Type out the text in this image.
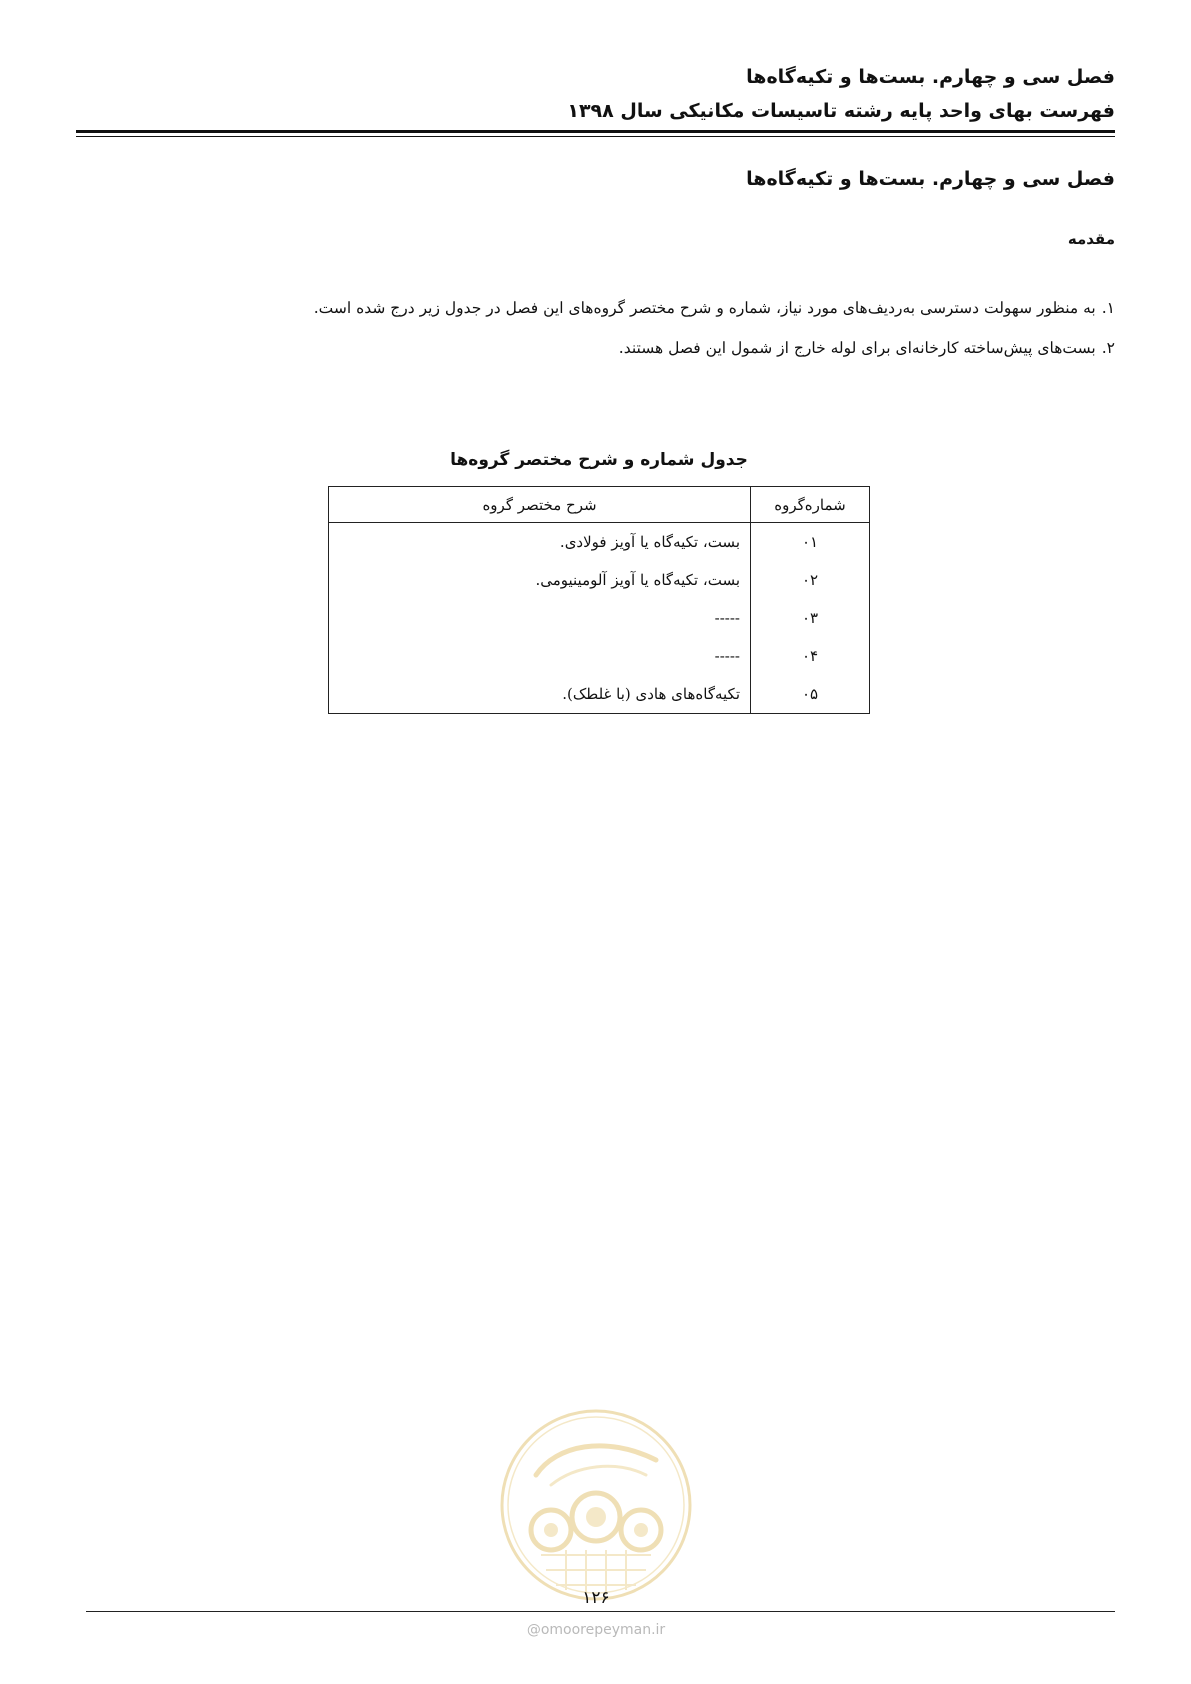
فصل سی و چهارم. بست‌ها و تکیه‌گاه‌ها
فهرست بهای واحد پایه رشته تاسیسات مکانیکی سال ۱۳۹۸
فصل سی و چهارم. بست‌ها و تکیه‌گاه‌ها
مقدمه
۱.به منظور سهولت دسترسی به‌ردیف‌های مورد نیاز، شماره و شرح مختصر گروه‌های این فصل در جدول زیر درج شده است.
۲.بست‌های پیش‌ساخته کارخانه‌ای برای لوله خارج از شمول این فصل هستند.
جدول شماره و شرح مختصر گروه‌ها
شماره‌گروه	شرح مختصر گروه
۰۱	بست، تکیه‌گاه یا آویز فولادی.
۰۲	بست، تکیه‌گاه یا آویز آلومینیومی.
۰۳	-----
۰۴	-----
۰۵	تکیه‌گاه‌های هادی (با غلطک).
۱۲۶
@omoorepeyman.ir
